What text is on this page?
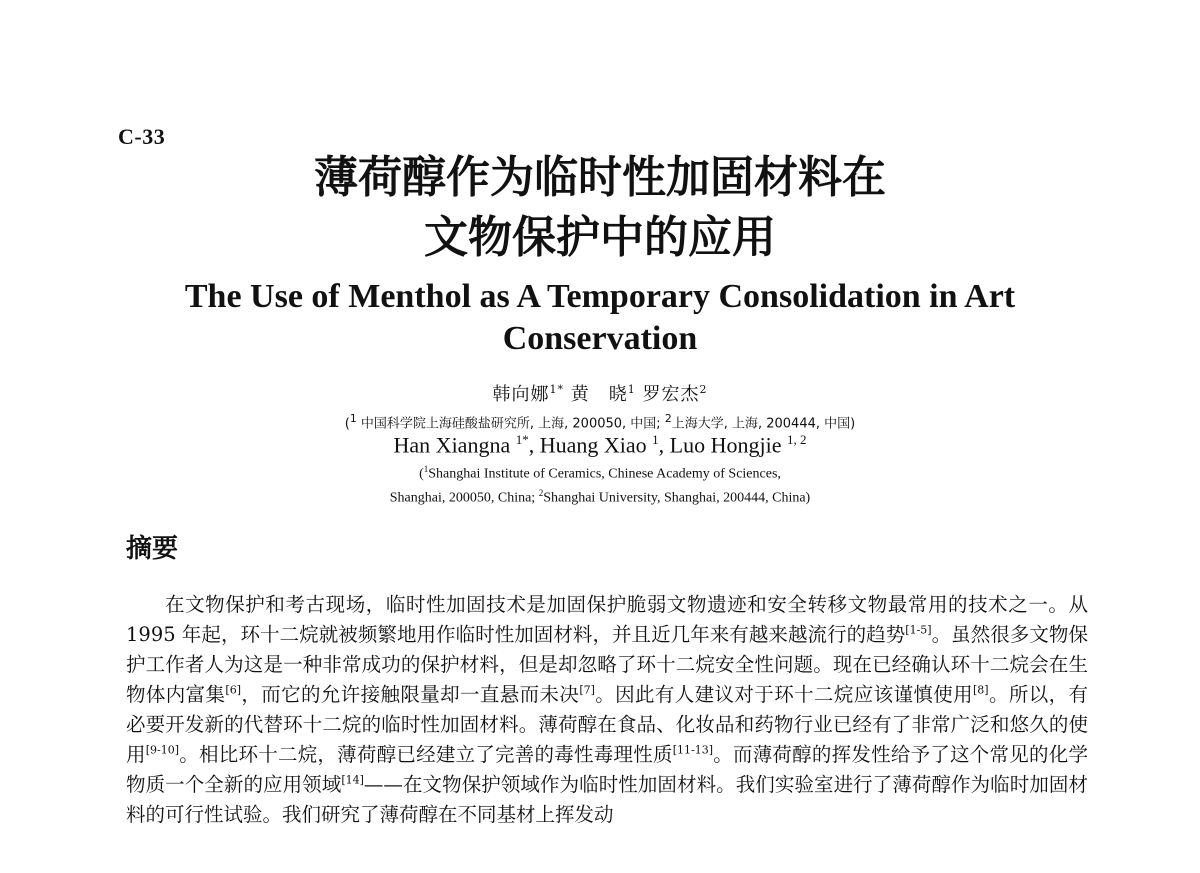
C-33
薄荷醇作为临时性加固材料在
文物保护中的应用
The Use of Menthol as A Temporary Consolidation in Art Conservation
韩向娜$^{1*}$ 黄　晓$^1$ 罗宏杰$^2$
($^1$ 中国科学院上海硅酸盐研究所, 上海, 200050, 中国; $^2$上海大学, 上海, 200444, 中国)
Han Xiangna $^{1*}$, Huang Xiao $^1$, Luo Hongjie $^{1, 2}$
($^1$Shanghai Institute of Ceramics, Chinese Academy of Sciences,
Shanghai, 200050, China; $^2$Shanghai University, Shanghai, 200444, China)
摘要

在文物保护和考古现场，临时性加固技术是加固保护脆弱文物遗迹和安全转移文物最常用的技术之一。从 1995 年起，环十二烷就被频繁地用作临时性加固材料，并且近几年来有越来越流行的趋势[1-5]。虽然很多文物保护工作者人为这是一种非常成功的保护材料，但是却忽略了环十二烷安全性问题。现在已经确认环十二烷会在生物体内富集[6]，而它的允许接触限量却一直悬而未决[7]。因此有人建议对于环十二烷应该谨慎使用[8]。所以，有必要开发新的代替环十二烷的临时性加固材料。薄荷醇在食品、化妆品和药物行业已经有了非常广泛和悠久的使用[9-10]。相比环十二烷，薄荷醇已经建立了完善的毒性毒理性质[11-13]。而薄荷醇的挥发性给予了这个常见的化学物质一个全新的应用领域[14]——在文物保护领域作为临时性加固材料。我们实验室进行了薄荷醇作为临时加固材料的可行性试验。我们研究了薄荷醇在不同基材上挥发动
